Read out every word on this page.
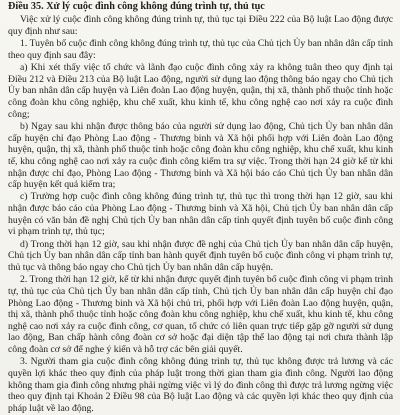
Điều 35. Xử lý cuộc đình công không đúng trình tự, thủ tục

Việc xử lý cuộc đình công không đúng trình tự, thủ tục tại Điều 222 của Bộ luật Lao động được quy định như sau:

1. Tuyên bố cuộc đình công không đúng trình tự, thủ tục của Chủ tịch Ủy ban nhân dân cấp tỉnh theo quy định sau đây:

a) Khi xét thấy việc tổ chức và lãnh đạo cuộc đình công xảy ra không tuân theo quy định tại Điều 212 và Điều 213 của Bộ luật Lao động, người sử dụng lao động thông báo ngay cho Chủ tịch Ủy ban nhân dân cấp huyện và Liên đoàn Lao động huyện, quận, thị xã, thành phố thuộc tỉnh hoặc công đoàn khu công nghiệp, khu chế xuất, khu kinh tế, khu công nghệ cao nơi xảy ra cuộc đình công;

b) Ngay sau khi nhận được thông báo của người sử dụng lao động, Chủ tịch Ủy ban nhân dân cấp huyện chỉ đạo Phòng Lao động - Thương binh và Xã hội phối hợp với Liên đoàn Lao động huyện, quận, thị xã, thành phố thuộc tỉnh hoặc công đoàn khu công nghiệp, khu chế xuất, khu kinh tế, khu công nghệ cao nơi xảy ra cuộc đình công kiểm tra sự việc. Trong thời hạn 24 giờ kể từ khi nhận được chỉ đạo, Phòng Lao động - Thương binh và Xã hội báo cáo Chủ tịch Ủy ban nhân dân cấp huyện kết quả kiểm tra;

c) Trường hợp cuộc đình công không đúng trình tự, thủ tục thì trong thời hạn 12 giờ, sau khi nhận được báo cáo của Phòng Lao động - Thương binh và Xã hội, Chủ tịch Ủy ban nhân dân cấp huyện có văn bản đề nghị Chủ tịch Ủy ban nhân dân cấp tỉnh quyết định tuyên bố cuộc đình công vi phạm trình tự, thủ tục;

d) Trong thời hạn 12 giờ, sau khi nhận được đề nghị của Chủ tịch Ủy ban nhân dân cấp huyện, Chủ tịch Ủy ban nhân dân cấp tỉnh ban hành quyết định tuyên bố cuộc đình công vi phạm trình tự, thủ tục và thông báo ngay cho Chủ tịch Ủy ban nhân dân cấp huyện.

2. Trong thời hạn 12 giờ, kể từ khi nhận được quyết định tuyên bố cuộc đình công vi phạm trình tự, thủ tục của Chủ tịch Ủy ban nhân dân cấp tỉnh, Chủ tịch Ủy ban nhân dân cấp huyện chỉ đạo Phòng Lao động - Thương binh và Xã hội chủ trì, phối hợp với Liên đoàn Lao động huyện, quận, thị xã, thành phố thuộc tỉnh hoặc công đoàn khu công nghiệp, khu chế xuất, khu kinh tế, khu công nghệ cao nơi xảy ra cuộc đình công, cơ quan, tổ chức có liên quan trực tiếp gặp gỡ người sử dụng lao động, Ban chấp hành công đoàn cơ sở hoặc đại diện tập thể lao động tại nơi chưa thành lập công đoàn cơ sở để nghe ý kiến và hỗ trợ các bên giải quyết.

3. Người tham gia cuộc đình công không đúng trình tự, thủ tục không được trả lương và các quyền lợi khác theo quy định của pháp luật trong thời gian tham gia đình công. Người lao động không tham gia đình công nhưng phải ngừng việc vì lý do đình công thì được trả lương ngừng việc theo quy định tại Khoản 2 Điều 98 của Bộ luật Lao động và các quyền lợi khác theo quy định của pháp luật về lao động.
